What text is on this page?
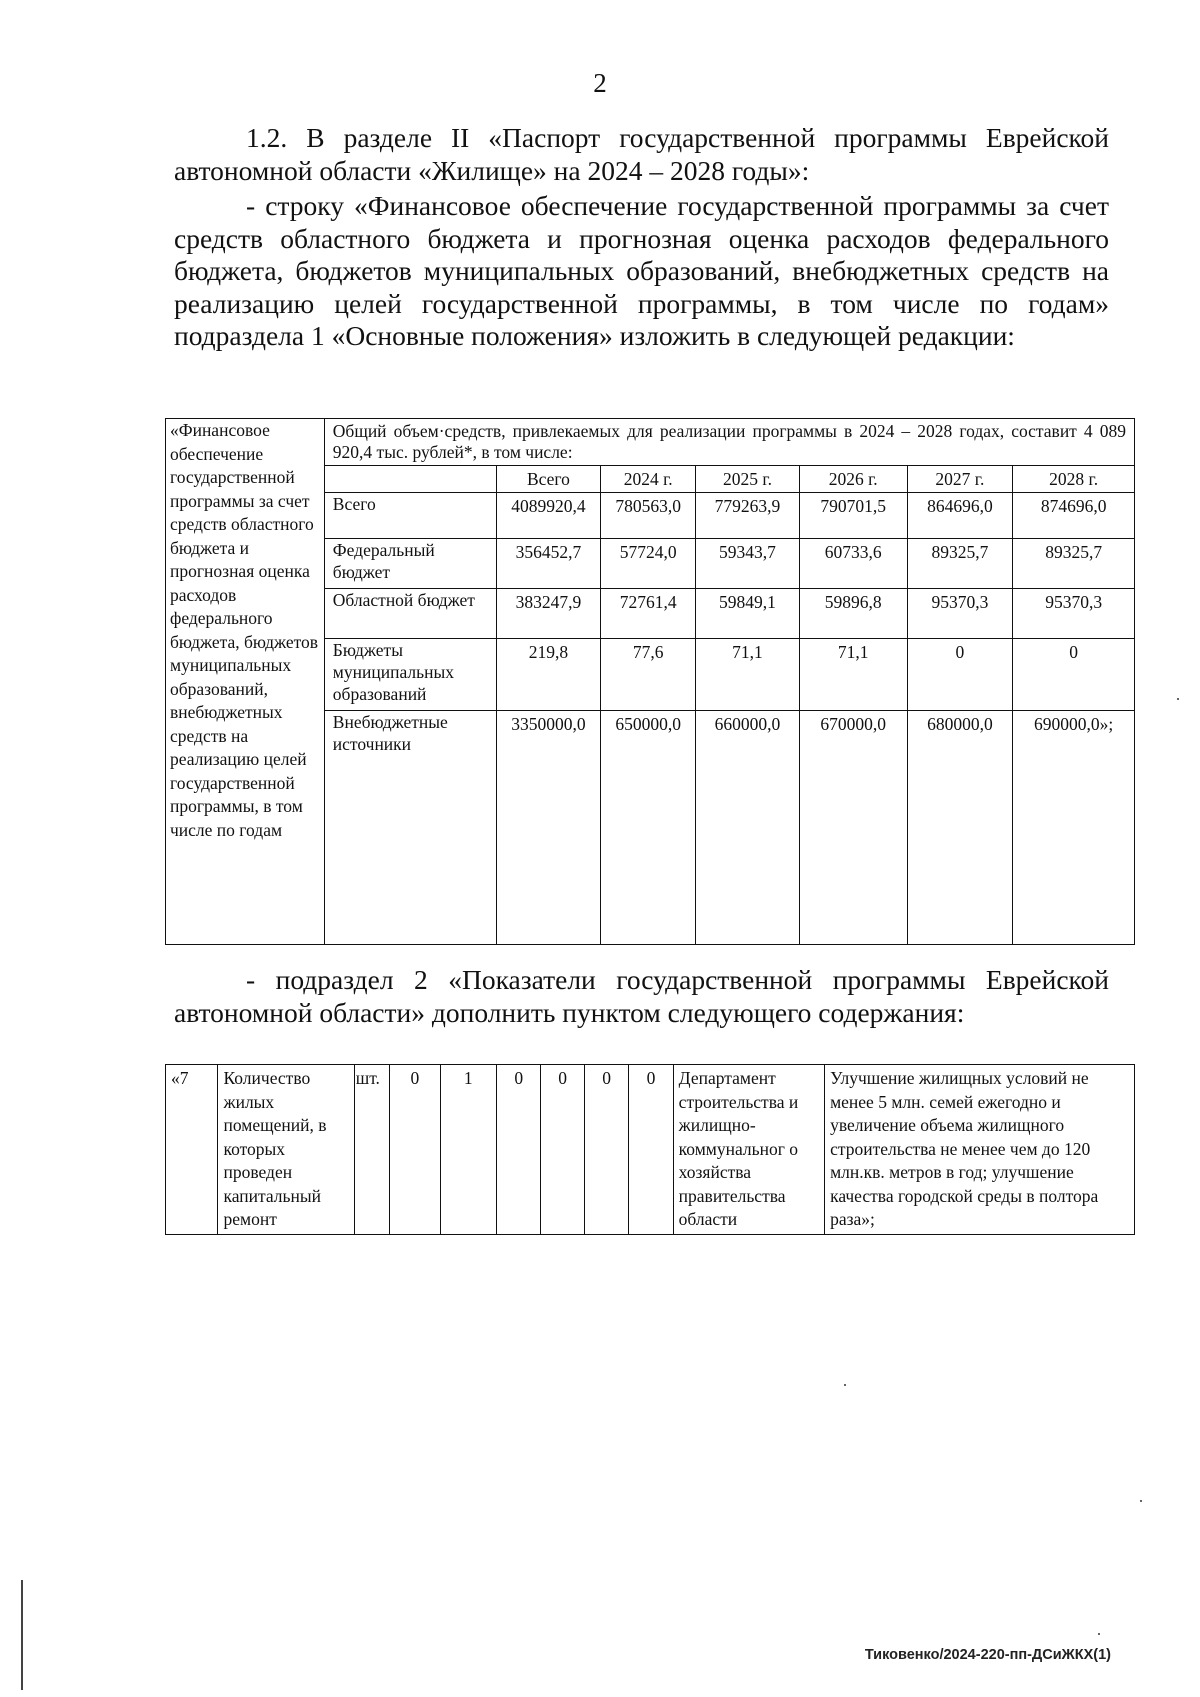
2

1.2. В разделе II «Паспорт государственной программы Еврейской автономной области «Жилище» на 2024 – 2028 годы»:

- строку «Финансовое обеспечение государственной программы за счет средств областного бюджета и прогнозная оценка расходов федерального бюджета, бюджетов муниципальных образований, внебюджетных средств на реализацию целей государственной программы, в том числе по годам» подраздела 1 «Основные положения» изложить в следующей редакции:

«Финансовое обеспечение государственной программы за счет средств областного бюджета и прогнозная оценка расходов федерального бюджета, бюджетов муниципальных образований, внебюджетных средств на реализацию целей государственной программы, в том числе по годам	Общий объем·средств, привлекаемых для реализации программы в 2024 – 2028 годах, составит 4 089 920,4 тыс. рублей*, в том числе:						
		Всего	2024 г.	2025 г.	2026 г.	2027 г.	2028 г.
	Всего	4089920,4	780563,0	779263,9	790701,5	864696,0	874696,0
	Федеральный бюджет	356452,7	57724,0	59343,7	60733,6	89325,7	89325,7
	Областной бюджет	383247,9	72761,4	59849,1	59896,8	95370,3	95370,3
	Бюджеты муниципальных образований	219,8	77,6	71,1	71,1	0	0
	Внебюджетные источники	3350000,0	650000,0	660000,0	670000,0	680000,0	690000,0»;

- подраздел 2 «Показатели государственной программы Еврейской автономной области» дополнить пунктом следующего содержания:

«7	Количество жилых помещений, в которых проведен капитальный ремонт	шт.	0	1	0	0	0	0	Департамент строительства и жилищно-коммунальног о хозяйства правительства области	Улучшение жилищных условий не менее 5 млн. семей ежегодно и увеличение объема жилищного строительства не менее чем до 120 млн.кв. метров в год; улучшение качества городской среды в полтора раза»;
Тиковенко/2024-220-пп-ДСиЖКХ(1)
